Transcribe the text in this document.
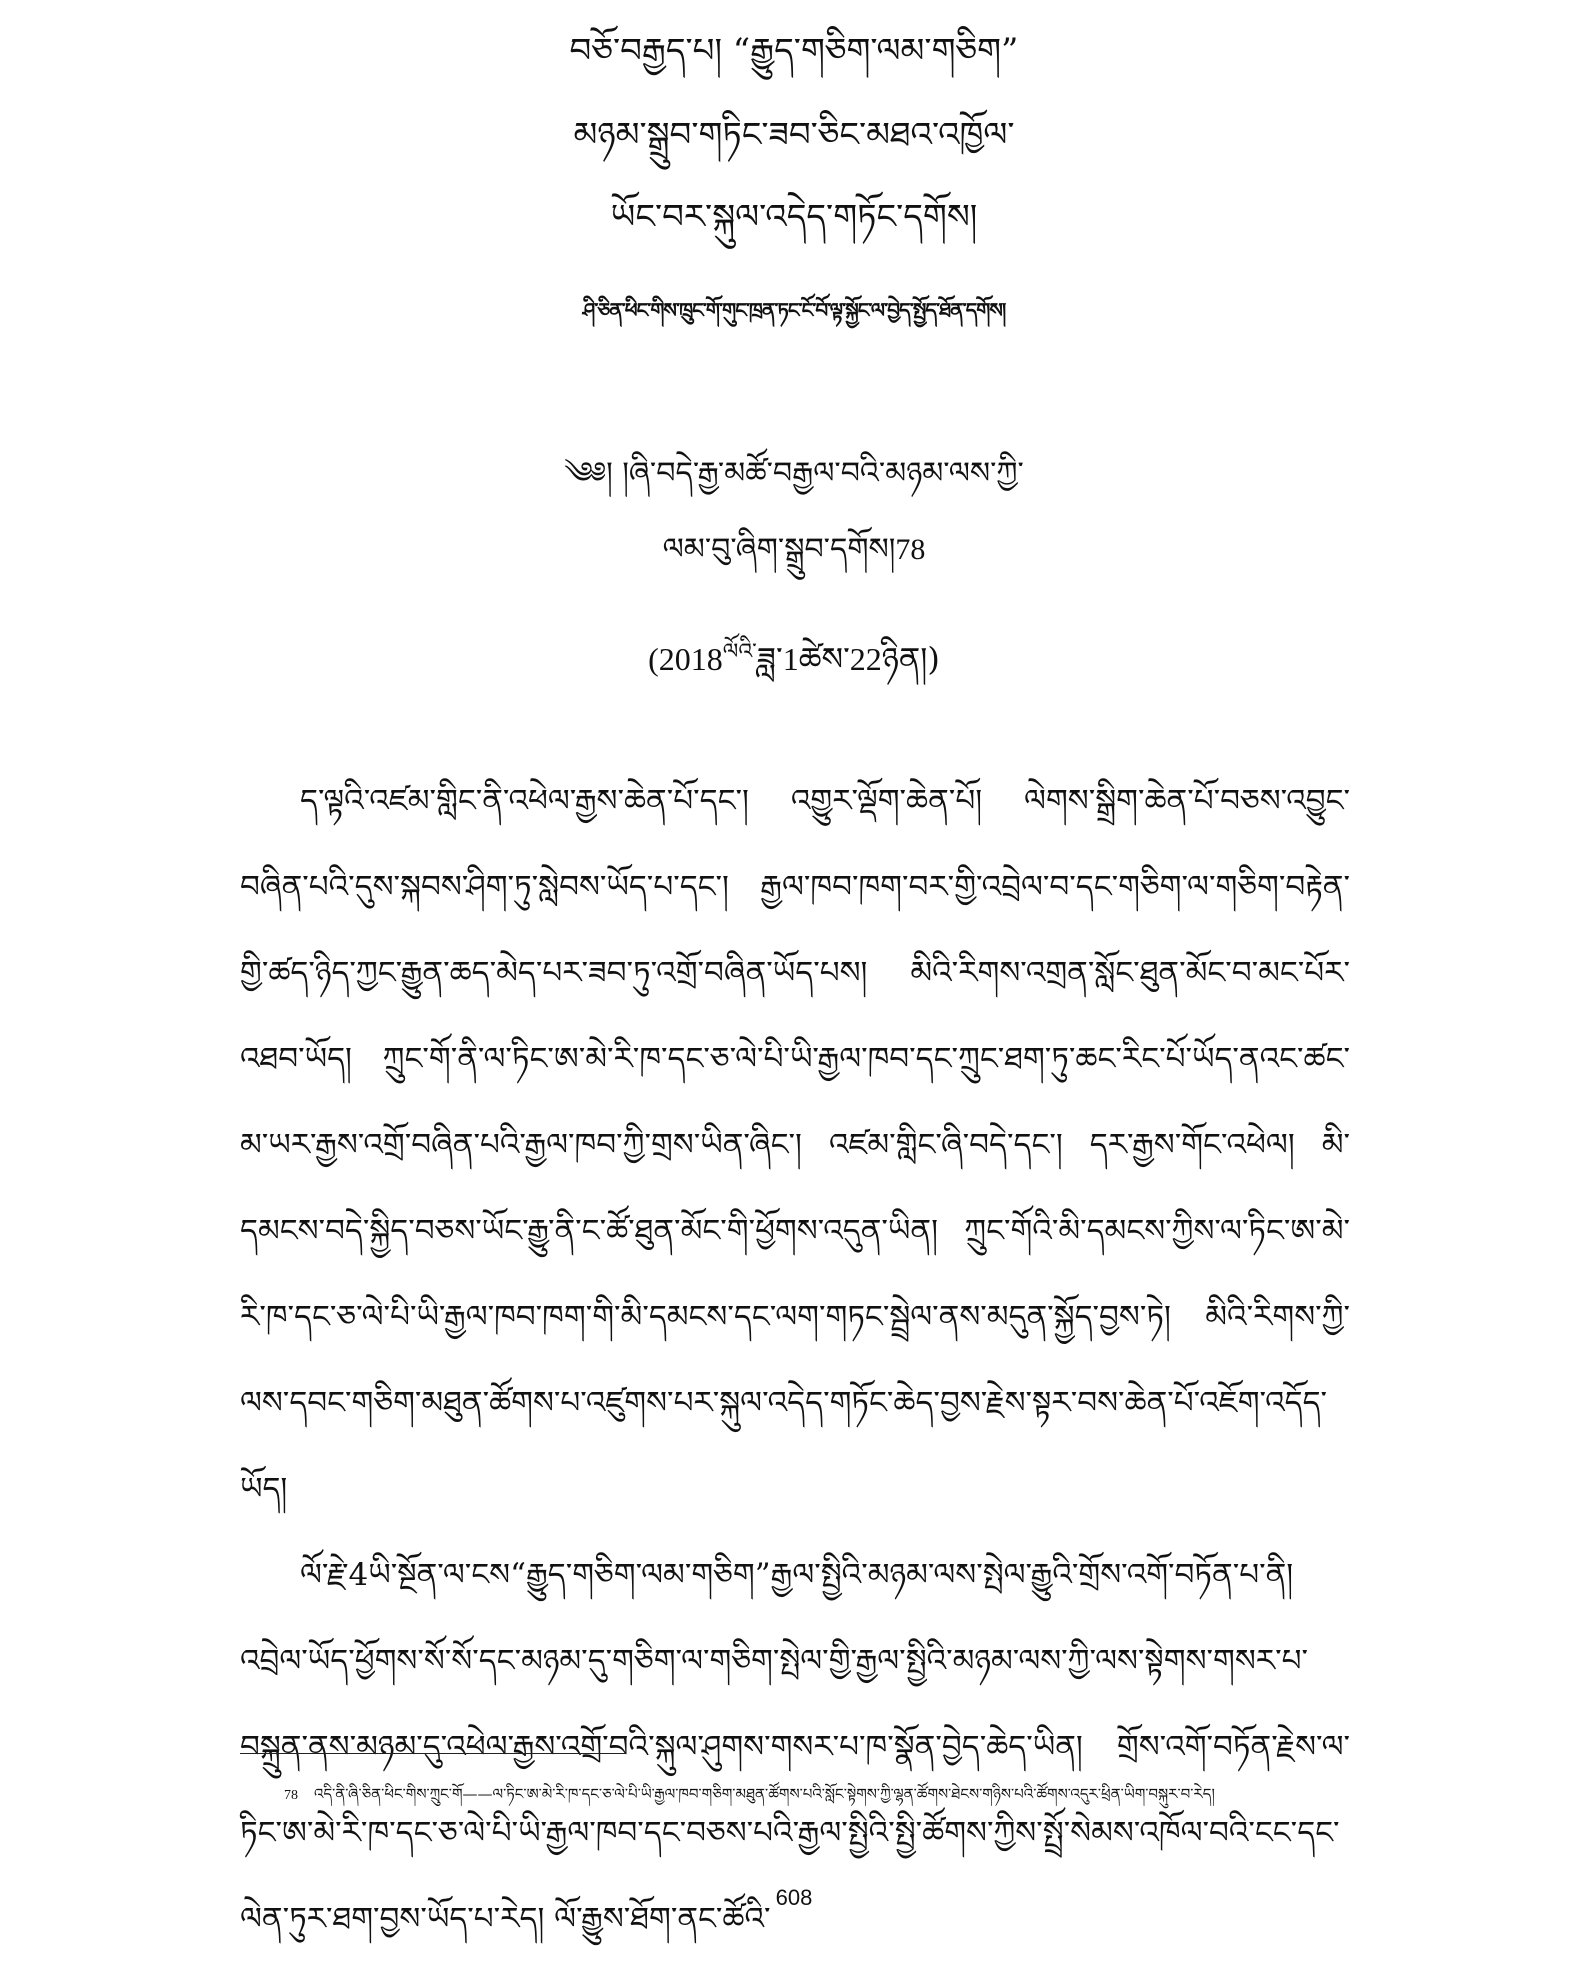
བཅོ་བརྒྱད་པ། “རྒྱུད་གཅིག་ལམ་གཅིག”
མཉམ་སྒྲུབ་གཏིང་ཟབ་ཅིང་མཐའ་འཁྱོལ་
ཡོང་བར་སྐུལ་འདེད་གཏོང་དགོས།
ཤི་ཅིན་ཕིང་གིས་ཁྲུང་གོ་གུང་ཁྲན་ཏང་ངོ་བོ་ལྟ་སྐྱོང་ལ་བྱེད་སྤྱོད་ཐོན་དགོས།
༄༅། །ཞི་བདེ་རྒྱ་མཚོ་བརྒྱལ་བའི་མཉམ་ལས་ཀྱི་
ལམ་བུ་ཞིག་སྒྲུབ་དགོས།78
$(2018^{ལོའི་}ཟླ་1ཚེས་22ཉིན།)$

ད་ལྟའི་འཛམ་གླིང་ནི་འཕེལ་རྒྱས་ཆེན་པོ་དང་། འགྱུར་ལྡོག་ཆེན་པོ། ལེགས་སྒྲིག་ཆེན་པོ་བཅས་འབྱུང་བཞིན་པའི་དུས་སྐབས་ཤིག་ཏུ་སླེབས་ཡོད་པ་དང་། རྒྱལ་ཁབ་ཁག་བར་གྱི་འབྲེལ་བ་དང་གཅིག་ལ་གཅིག་བརྟེན་གྱི་ཚད་ཉིད་ཀྱང་རྒྱུན་ཆད་མེད་པར་ཟབ་ཏུ་འགྲོ་བཞིན་ཡོད་པས། མིའི་རིགས་འགྲན་སློང་ཐུན་མོང་བ་མང་པོར་འཐབ་ཡོད། ཀྲུང་གོ་ནི་ལ་ཏིང་ཨ་མེ་རི་ཁ་དང་ཅ་ལེ་པི་ཡི་རྒྱལ་ཁབ་དང་ཀྲུང་ཐག་ཏུ་ཆང་རིང་པོ་ཡོད་ནའང་ཚང་མ་ཡར་རྒྱས་འགྲོ་བཞིན་པའི་རྒྱལ་ཁབ་ཀྱི་གྲས་ཡིན་ཞིང་། འཛམ་གླིང་ཞི་བདེ་དང་། དར་རྒྱས་གོང་འཕེལ། མི་དམངས་བདེ་སྐྱིད་བཅས་ཡོང་རྒྱུ་ནི་ང་ཚོ་ཐུན་མོང་གི་ཕྱོགས་འདུན་ཡིན། ཀྲུང་གོའི་མི་དམངས་ཀྱིས་ལ་ཏིང་ཨ་མེ་རི་ཁ་དང་ཅ་ལེ་པི་ཡི་རྒྱལ་ཁབ་ཁག་གི་མི་དམངས་དང་ལག་གཏང་སྦྲེལ་ནས་མདུན་སྐྱོད་བྱས་ཏེ། མིའི་རིགས་ཀྱི་ལས་དབང་གཅིག་མཐུན་ཚོགས་པ་འཛུགས་པར་སྐུལ་འདེད་གཏོང་ཆེད་བྱས་རྗེས་སྟར་བས་ཆེན་པོ་འཇོག་འདོད་ཡོད།

ལོ་རྗེ་4ཡི་སྔོན་ལ་ངས“རྒྱུད་གཅིག་ལམ་གཅིག”རྒྱལ་སྤྱིའི་མཉམ་ལས་སྤེལ་རྒྱུའི་གྲོས་འགོ་བཏོན་པ་ནི། འབྲེལ་ཡོད་ཕྱོགས་སོ་སོ་དང་མཉམ་དུ་གཅིག་ལ་གཅིག་སྤེལ་གྱི་རྒྱལ་སྤྱིའི་མཉམ་ལས་ཀྱི་ལས་སྟེགས་གསར་པ་བསྐྲུན་ནས་མཉམ་དུ་འཕེལ་རྒྱས་འགྲོ་བའི་སྐུལ་ཤུགས་གསར་པ་ཁ་སྣོན་བྱེད་ཆེད་ཡིན། གྲོས་འགོ་བཏོན་རྗེས་ལ་ཏིང་ཨ་མེ་རི་ཁ་དང་ཅ་ལེ་པི་ཡི་རྒྱལ་ཁབ་དང་བཅས་པའི་རྒྱལ་སྤྱིའི་སྤྱི་ཚོགས་ཀྱིས་སྤྲོ་སེམས་འཁོལ་བའི་ངང་དང་ལེན་ཏུར་ཐག་བྱས་ཡོད་པ་རེད། ལོ་རྒྱུས་ཐོག་ནང་ཚོའི་

78 འདི་ནི་ཞི་ཅིན་ཕིང་གིས་ཀྲུང་གོ——ལ་ཏིང་ཨ་མེ་རི་ཁ་དང་ཅ་ལེ་པི་ཡི་རྒྱལ་ཁབ་གཅིག་མཐུན་ཚོགས་པའི་སློང་སྟེགས་ཀྱི་ལྷན་ཚོགས་ཐེངས་གཉིས་པའི་ཚོགས་འདུར་ཕྲིན་ཡིག་བསྐུར་བ་རེད།
608
